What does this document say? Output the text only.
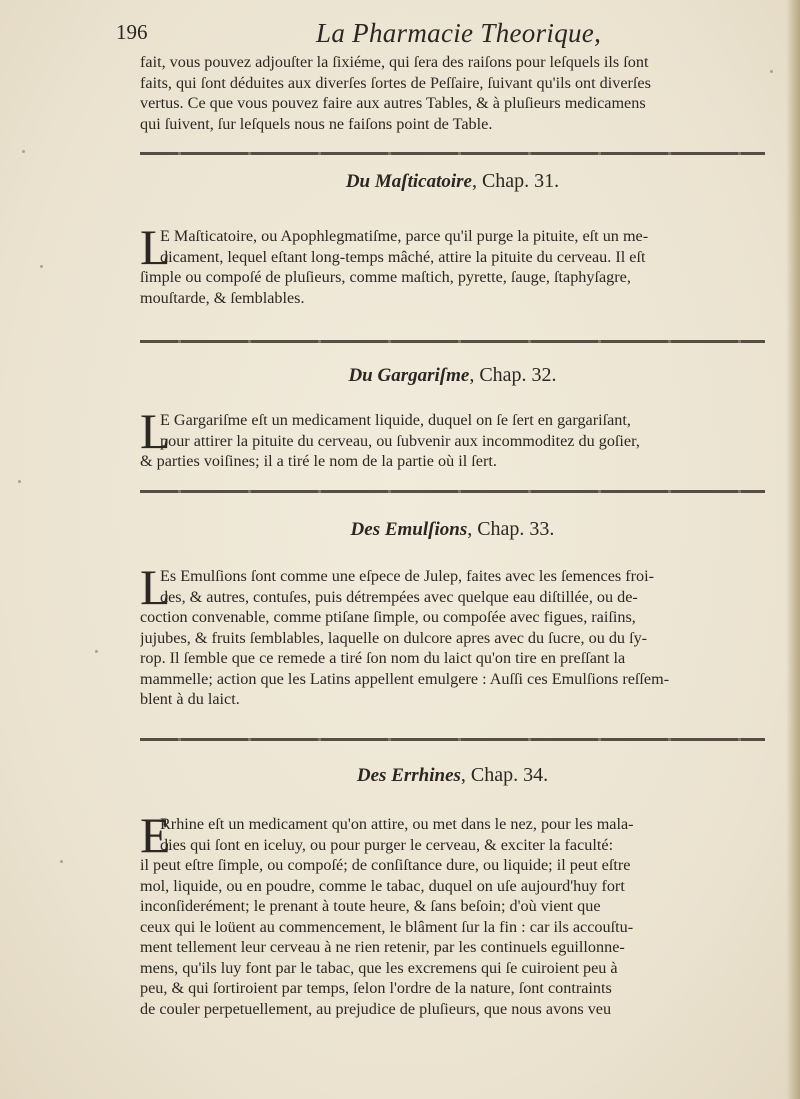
196	La Pharmacie Theorique,
fait, vous pouvez adjouſter la ſixiéme, qui ſera des raiſons pour leſquels ils ſont
faits, qui ſont déduites aux diverſes ſortes de Peſſaire, ſuivant qu'ils ont diverſes
vertus. Ce que vous pouvez faire aux autres Tables, & à pluſieurs medicamens
qui ſuivent, ſur leſquels nous ne faiſons point de Table.
Du Maſticatoire, Chap. 31.
L
E Maſticatoire, ou Apophlegmatiſme, parce qu'il purge la pituite, eſt un me-
dicament, lequel eſtant long-temps mâché, attire la pituite du cerveau. Il eſt
ſimple ou compoſé de pluſieurs, comme maſtich, pyrette, ſauge, ſtaphyſagre,
mouſtarde, & ſemblables.
Du Gargariſme, Chap. 32.
L
E Gargariſme eſt un medicament liquide, duquel on ſe ſert en gargariſant,
pour attirer la pituite du cerveau, ou ſubvenir aux incommoditez du goſier,
& parties voiſines; il a tiré le nom de la partie où il ſert.
Des Emulſions, Chap. 33.
L
Es Emulſions ſont comme une eſpece de Julep, faites avec les ſemences froi-
des, & autres, contuſes, puis détrempées avec quelque eau diſtillée, ou de-
coction convenable, comme ptiſane ſimple, ou compoſée avec figues, raiſins,
jujubes, & fruits ſemblables, laquelle on dulcore apres avec du ſucre, ou du ſy-
rop. Il ſemble que ce remede a tiré ſon nom du laict qu'on tire en preſſant la
mammelle; action que les Latins appellent emulgere : Auſſi ces Emulſions reſſem-
blent à du laict.
Des Errhines, Chap. 34.
E
Rrhine eſt un medicament qu'on attire, ou met dans le nez, pour les mala-
dies qui ſont en iceluy, ou pour purger le cerveau, & exciter la faculté:
il peut eſtre ſimple, ou compoſé; de conſiſtance dure, ou liquide; il peut eſtre
mol, liquide, ou en poudre, comme le tabac, duquel on uſe aujourd'huy fort
inconſiderément; le prenant à toute heure, & ſans beſoin; d'où vient que
ceux qui le loüent au commencement, le blâment ſur la fin : car ils accouſtu-
ment tellement leur cerveau à ne rien retenir, par les continuels eguillonne-
mens, qu'ils luy font par le tabac, que les excremens qui ſe cuiroient peu à
peu, & qui ſortiroient par temps, ſelon l'ordre de la nature, ſont contraints
de couler perpetuellement, au prejudice de pluſieurs, que nous avons veu
